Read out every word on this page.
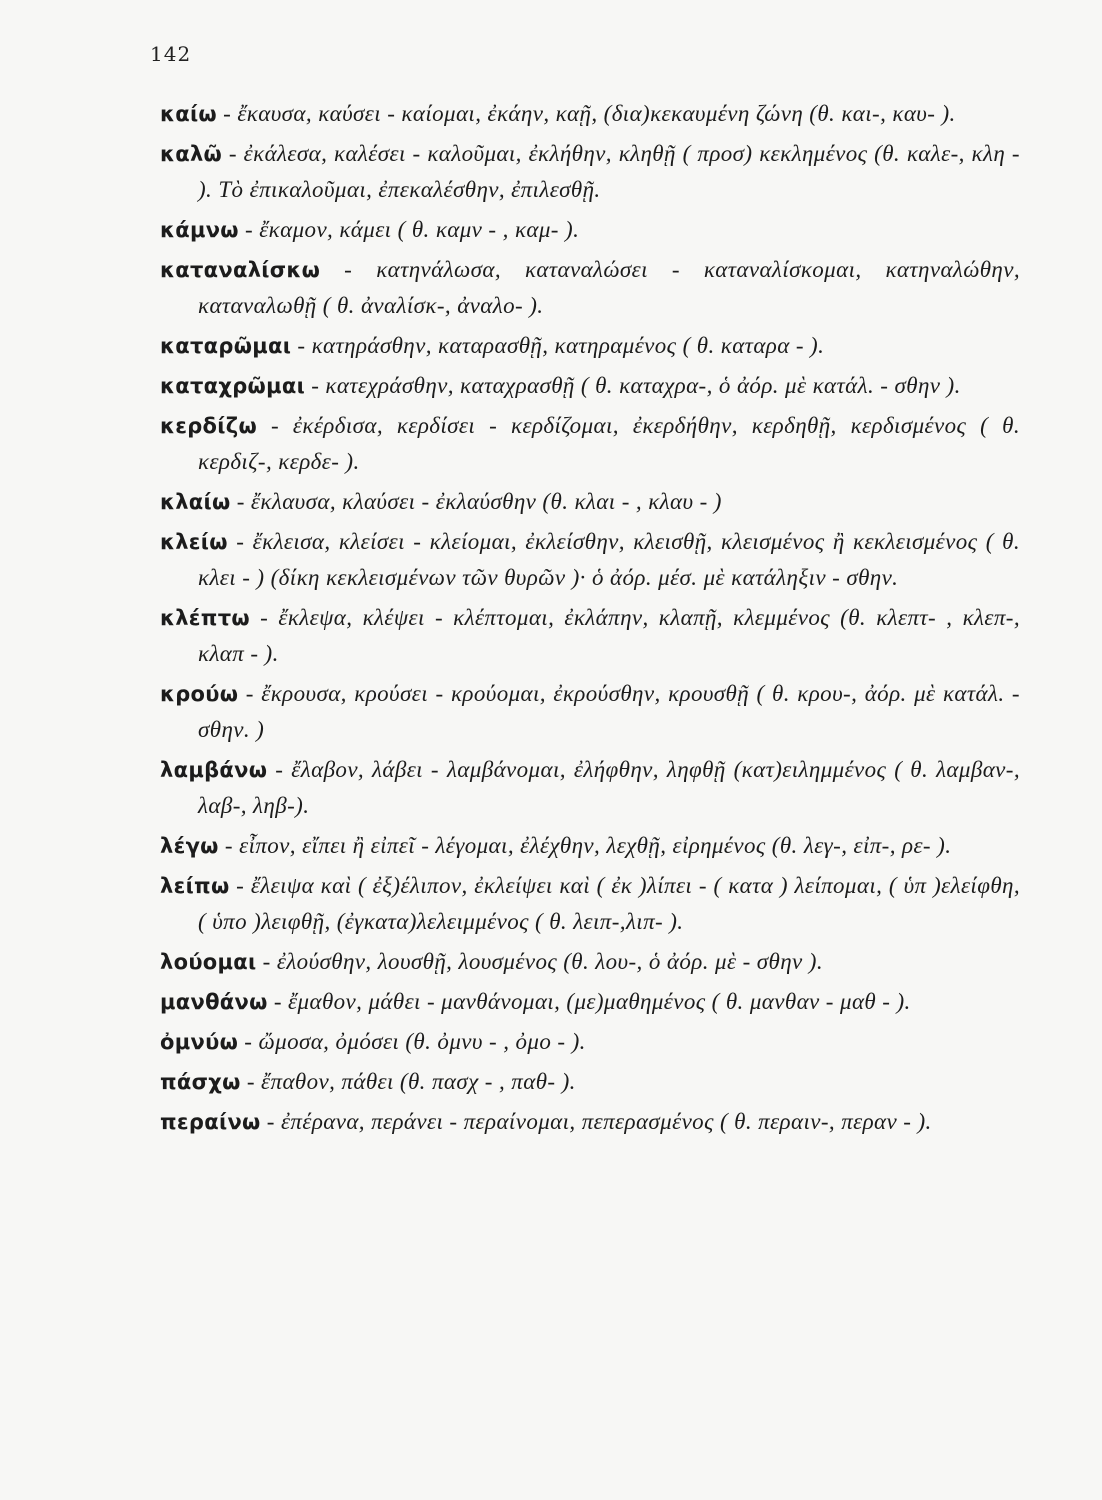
142

καίω - ἔκαυσα, καύσει - καίομαι, ἐκάην, καῇ, (δια)κεκαυμένη ζώνη (θ. και-, καυ- ).

καλῶ - ἐκάλεσα, καλέσει - καλοῦμαι, ἐκλήθην, κληθῇ ( προσ) κεκλημένος (θ. καλε-, κλη - ). Τὸ ἐπικαλοῦμαι, ἐπεκαλέσθην, ἐπιλεσθῇ.

κάμνω - ἔκαμον, κάμει ( θ. καμν - , καμ- ).

καταναλίσκω - κατηνάλωσα, καταναλώσει - καταναλίσκομαι, κατηναλώθην, καταναλωθῇ ( θ. ἀναλίσκ-, ἀναλο- ).

καταρῶμαι - κατηράσθην, καταρασθῇ, κατηραμένος ( θ. καταρα - ).

καταχρῶμαι - κατεχράσθην, καταχρασθῇ ( θ. καταχρα-, ὁ ἀόρ. μὲ κατάλ. - σθην ).

κερδίζω - ἐκέρδισα, κερδίσει - κερδίζομαι, ἐκερδήθην, κερδηθῇ, κερδισμένος ( θ. κερδιζ-, κερδε- ).

κλαίω - ἔκλαυσα, κλαύσει - ἐκλαύσθην (θ. κλαι - , κλαυ - )

κλείω - ἔκλεισα, κλείσει - κλείομαι, ἐκλείσθην, κλεισθῇ, κλεισμένος ἢ κεκλεισμένος ( θ. κλει - ) (δίκη κεκλεισμένων τῶν θυρῶν )· ὁ ἀόρ. μέσ. μὲ κατάληξιν - σθην.

κλέπτω - ἔκλεψα, κλέψει - κλέπτομαι, ἐκλάπην, κλαπῇ, κλεμμένος (θ. κλεπτ- , κλεπ-, κλαπ - ).

κρούω - ἔκρουσα, κρούσει - κρούομαι, ἐκρούσθην, κρουσθῇ ( θ. κρου-, ἀόρ. μὲ κατάλ. - σθην. )

λαμβάνω - ἔλαβον, λάβει - λαμβάνομαι, ἐλήφθην, ληφθῇ (κατ)ειλημμένος ( θ. λαμβαν-, λαβ-, ληβ-).

λέγω - εἶπον, εἴπει ἢ εἰπεῖ - λέγομαι, ἐλέχθην, λεχθῇ, εἰρημένος (θ. λεγ-, εἰπ-, ρε- ).

λείπω - ἔλειψα καὶ ( ἐξ)έλιπον, ἐκλείψει καὶ ( ἐκ )λίπει - ( κατα ) λείπομαι, ( ὑπ )ελείφθη, ( ὑπο )λειφθῇ, (ἐγκατα)λελειμμένος ( θ. λειπ-,λιπ- ).

λούομαι - ἐλούσθην, λουσθῇ, λουσμένος (θ. λου-, ὁ ἀόρ. μὲ - σθην ).

μανθάνω - ἔμαθον, μάθει - μανθάνομαι, (με)μαθημένος ( θ. μανθαν - μαθ - ).

ὀμνύω - ὤμοσα, ὀμόσει (θ. ὀμνυ - , ὀμο - ).

πάσχω - ἔπαθον, πάθει (θ. πασχ - , παθ- ).

περαίνω - ἐπέρανα, περάνει - περαίνομαι, πεπερασμένος ( θ. περαιν-, περαν - ).
